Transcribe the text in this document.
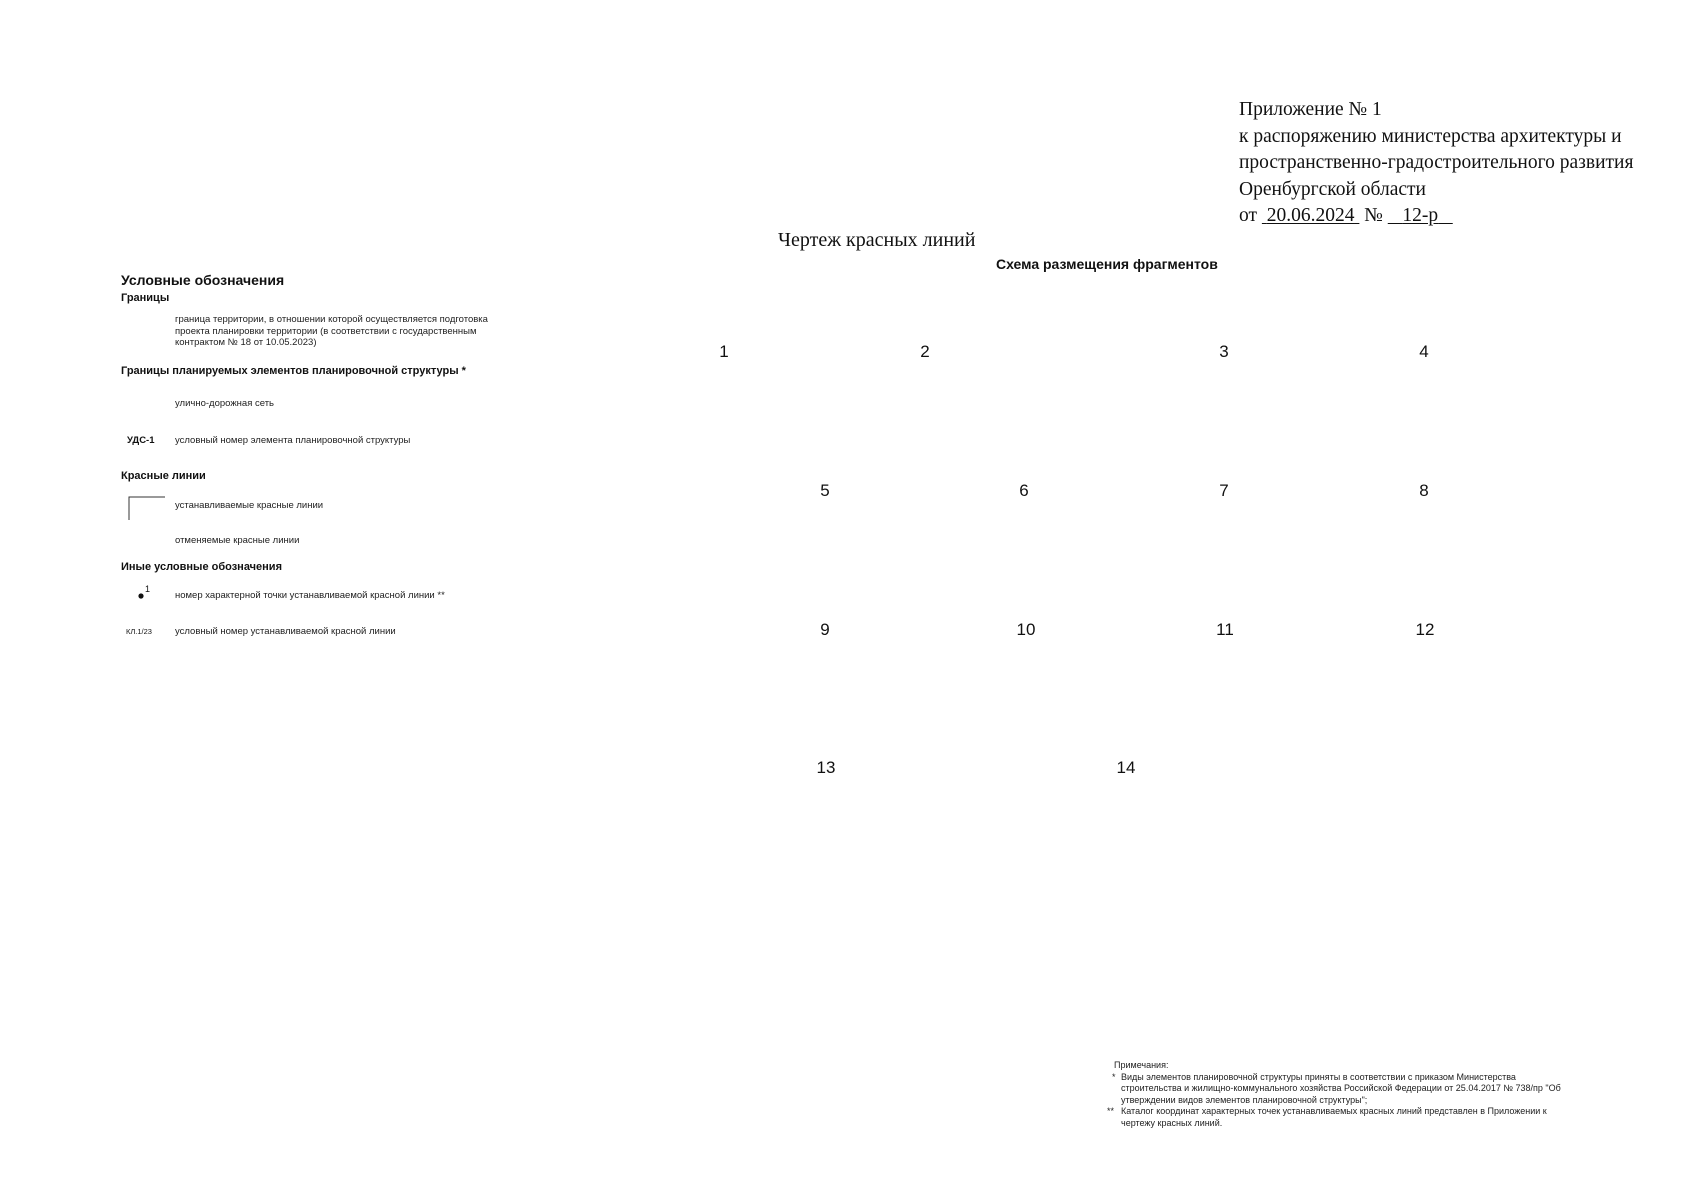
Приложение № 1
к распоряжению министерства архитектуры и
пространственно-градостроительного развития
Оренбургской области
от 20.06.2024 № 12-р
Чертеж красных линий
Схема размещения фрагментов
Условные обозначения
Границы
граница территории, в отношении которой осуществляется подготовка проекта планировки территории (в соответствии с государственным контрактом № 18 от 10.05.2023)
Границы планируемых элементов планировочной структуры *
улично-дорожная сеть
УДС-1 условный номер элемента планировочной структуры
Красные линии
устанавливаемые красные линии
отменяемые красные линии
Иные условные обозначения
1
номер характерной точки устанавливаемой красной линии **
КЛ.1/23 условный номер устанавливаемой красной линии
1	2	3	4
5	6	7	8
9	10	11	12
13	14
Примечания:
* Виды элементов планировочной структуры приняты в соответствии с приказом Министерства строительства и жилищно-коммунального хозяйства Российской Федерации от 25.04.2017 № 738/пр "Об утверждении видов элементов планировочной структуры";
** Каталог координат характерных точек устанавливаемых красных линий представлен в Приложении к чертежу красных линий.
